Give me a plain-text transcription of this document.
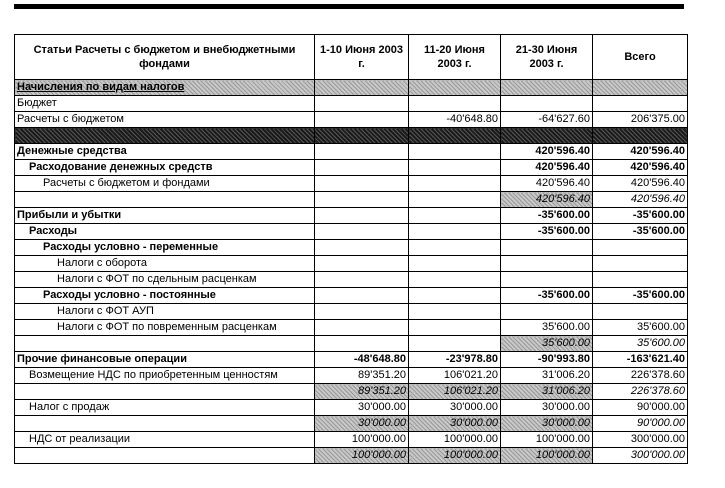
Статьи Расчеты с бюджетом и внебюджетными фондами	1-10 Июня 2003 г.	11-20 Июня 2003 г.	21-30 Июня 2003 г.	Всего
Начисления по видам налогов				
Бюджет				
Расчеты с бюджетом		-40'648.80	-64'627.60	206'375.00

Денежные средства			420'596.40	420'596.40
Расходование денежных средств			420'596.40	420'596.40
Расчеты с бюджетом и фондами			420'596.40	420'596.40
			420'596.40	420'596.40
Прибыли и убытки			-35'600.00	-35'600.00
Расходы			-35'600.00	-35'600.00
Расходы условно - переменные				
Налоги с оборота				
Налоги с ФОТ по сдельным расценкам				
Расходы условно - постоянные			-35'600.00	-35'600.00
Налоги с ФОТ АУП				
Налоги с ФОТ по повременным расценкам			35'600.00	35'600.00
			35'600.00	35'600.00
Прочие финансовые операции	-48'648.80	-23'978.80	-90'993.80	-163'621.40
Возмещение НДС по приобретенным ценностям	89'351.20	106'021.20	31'006.20	226'378.60
	89'351.20	106'021.20	31'006.20	226'378.60
Налог с продаж	30'000.00	30'000.00	30'000.00	90'000.00
	30'000.00	30'000.00	30'000.00	90'000.00
НДС от реализации	100'000.00	100'000.00	100'000.00	300'000.00
	100'000.00	100'000.00	100'000.00	300'000.00
